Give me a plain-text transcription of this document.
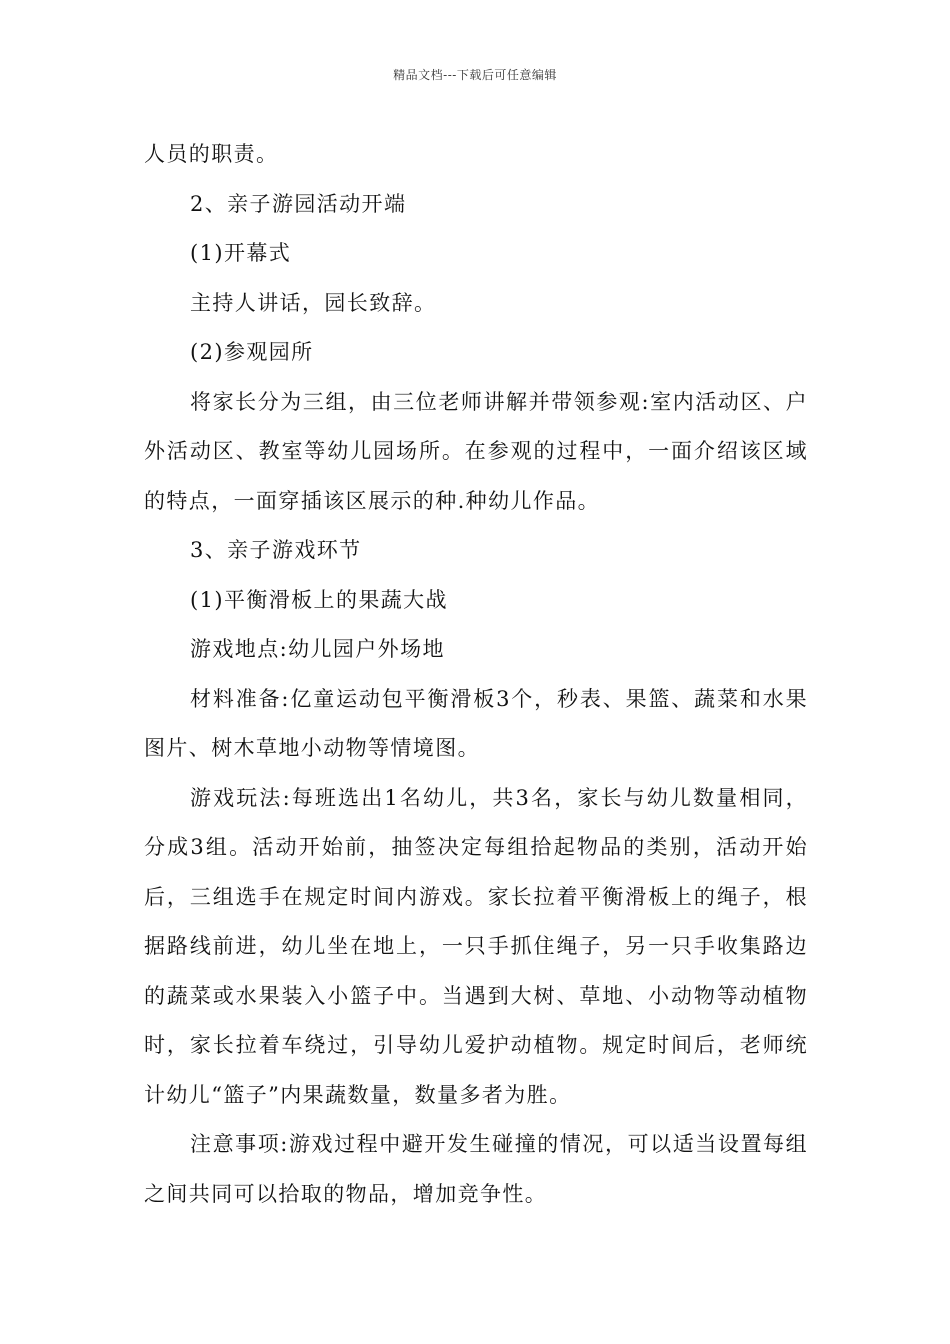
精品文档---下载后可任意编辑

人员的职责。

2、亲子游园活动开端

(1)开幕式

主持人讲话，园长致辞。

(2)参观园所

将家长分为三组，由三位老师讲解并带领参观:室内活动区、户外活动区、教室等幼儿园场所。在参观的过程中，一面介绍该区域的特点，一面穿插该区展示的种.种幼儿作品。

3、亲子游戏环节

(1)平衡滑板上的果蔬大战

游戏地点:幼儿园户外场地

材料准备:亿童运动包平衡滑板3个，秒表、果篮、蔬菜和水果图片、树木草地小动物等情境图。

游戏玩法:每班选出1名幼儿，共3名，家长与幼儿数量相同，分成3组。活动开始前，抽签决定每组拾起物品的类别，活动开始后，三组选手在规定时间内游戏。家长拉着平衡滑板上的绳子，根据路线前进，幼儿坐在地上，一只手抓住绳子，另一只手收集路边的蔬菜或水果装入小篮子中。当遇到大树、草地、小动物等动植物时，家长拉着车绕过，引导幼儿爱护动植物。规定时间后，老师统计幼儿“篮子”内果蔬数量，数量多者为胜。

注意事项:游戏过程中避开发生碰撞的情况，可以适当设置每组之间共同可以拾取的物品，增加竞争性。
